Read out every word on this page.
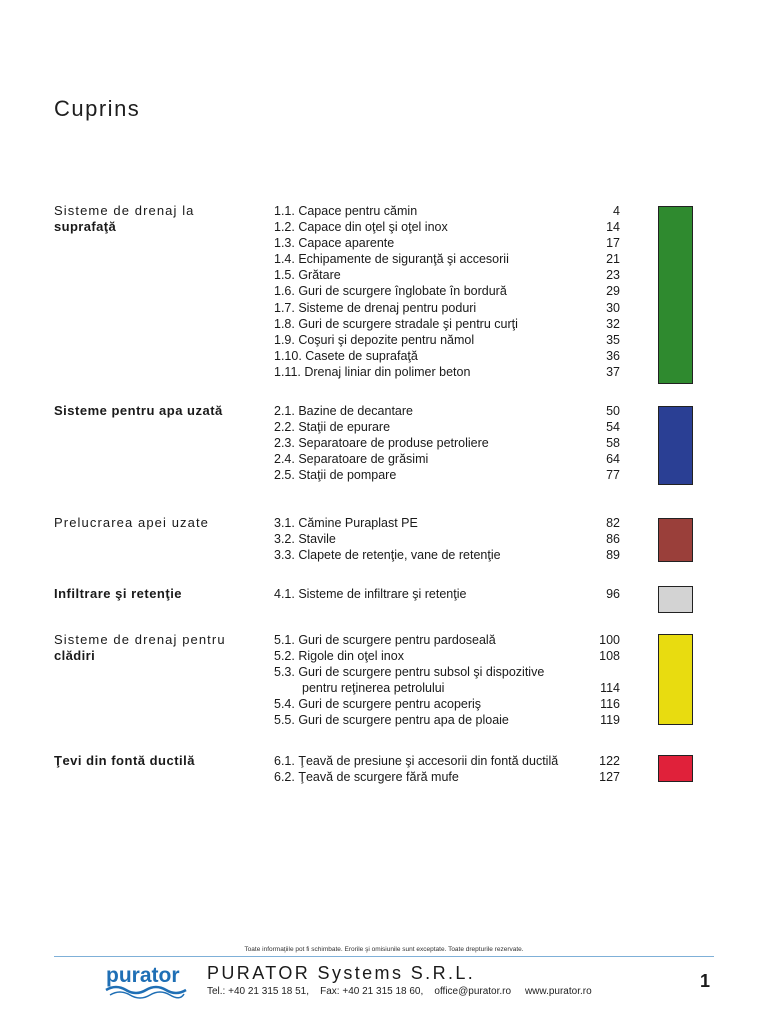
Cuprins
Sisteme de drenaj la
suprafaţă
1.1. Capace pentru cămin	4
1.2. Capace din oţel şi oţel inox	14
1.3. Capace aparente	17
1.4. Echipamente de siguranţă şi accesorii	21
1.5. Grătare	23
1.6. Guri de scurgere înglobate în bordură	29
1.7. Sisteme de drenaj pentru poduri	30
1.8. Guri de scurgere stradale şi pentru curţi	32
1.9. Coşuri şi depozite pentru nămol	35
1.10. Casete de suprafaţă	36
1.11. Drenaj liniar din polimer beton	37
Sisteme pentru apa uzată	2.1. Bazine de decantare	50
2.2. Staţii de epurare	54
2.3. Separatoare de produse petroliere	58
2.4. Separatoare de grăsimi	64
2.5. Staţii de pompare	77
Prelucrarea apei uzate	3.1. Cămine Puraplast PE	82
3.2. Stavile	86
3.3. Clapete de retenţie, vane de retenţie	89
Infiltrare şi retenţie	4.1. Sisteme de infiltrare şi retenţie	96
Sisteme de drenaj pentru
clădiri
5.1. Guri de scurgere pentru pardoseală	100
5.2. Rigole din oţel inox	108
5.3. Guri de scurgere pentru subsol şi dispozitive
pentru reţinerea petrolului	114
5.4. Guri de scurgere pentru acoperiş	116
5.5. Guri de scurgere pentru apa de ploaie	119
Ţevi din fontă ductilă	6.1. Ţeavă de presiune şi accesorii din fontă ductilă	122
6.2. Ţeavă de scurgere fără mufe	127
Toate informaţiile pot fi schimbate. Erorile şi omisiunile sunt exceptate. Toate drepturile rezervate.
purator PURATOR Systems S.R.L.
Tel.: +40 21 315 18 51,    Fax: +40 21 315 18 60,    office@purator.ro     www.purator.ro
1
